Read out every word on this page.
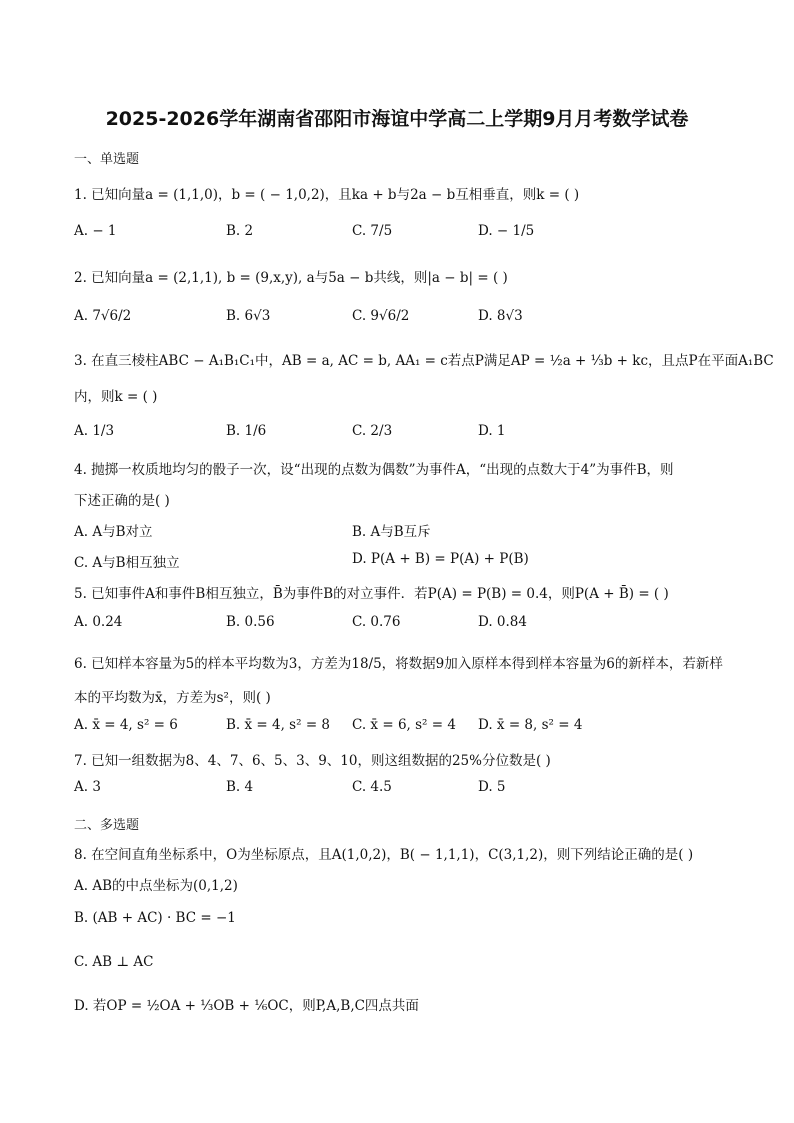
2025-2026学年湖南省邵阳市海谊中学高二上学期9月月考数学试卷
一、单选题
1. 已知向量a = (1,1,0)，b = ( − 1,0,2)，且ka + b与2a − b互相垂直，则k = ( )
A. − 1	B. 2	C. 7/5	D. − 1/5
2. 已知向量a = (2,1,1), b = (9,x,y), a与5a − b共线，则|a − b| = ( )
A. 7√6/2	B. 6√3	C. 9√6/2	D. 8√3
3. 在直三棱柱ABC − A₁B₁C₁中，AB = a, AC = b, AA₁ = c若点P满足AP = ½a + ⅓b + kc，且点P在平面A₁BC
内，则k = ( )
A. 1/3	B. 1/6	C. 2/3	D. 1
4. 抛掷一枚质地均匀的骰子一次，设“出现的点数为偶数”为事件A，“出现的点数大于4”为事件B，则
下述正确的是( )
A. A与B对立	B. A与B互斥
C. A与B相互独立	D. P(A + B) = P(A) + P(B)
5. 已知事件A和事件B相互独立，B̄为事件B的对立事件．若P(A) = P(B) = 0.4，则P(A + B̄) = ( )
A. 0.24	B. 0.56	C. 0.76	D. 0.84
6. 已知样本容量为5的样本平均数为3，方差为18/5，将数据9加入原样本得到样本容量为6的新样本，若新样
本的平均数为x̄，方差为s²，则( )
A. x̄ = 4, s² = 6	B. x̄ = 4, s² = 8 C. x̄ = 6, s² = 4 D. x̄ = 8, s² = 4
7. 已知一组数据为8、4、7、6、5、3、9、10，则这组数据的25%分位数是( )
A. 3	B. 4	C. 4.5	D. 5
二、多选题
8. 在空间直角坐标系中，O为坐标原点，且A(1,0,2)，B( − 1,1,1)，C(3,1,2)，则下列结论正确的是( )
A. AB的中点坐标为(0,1,2)
B. (AB + AC) · BC = −1
C. AB ⊥ AC
D. 若OP = ½OA + ⅓OB + ⅙OC，则P,A,B,C四点共面
